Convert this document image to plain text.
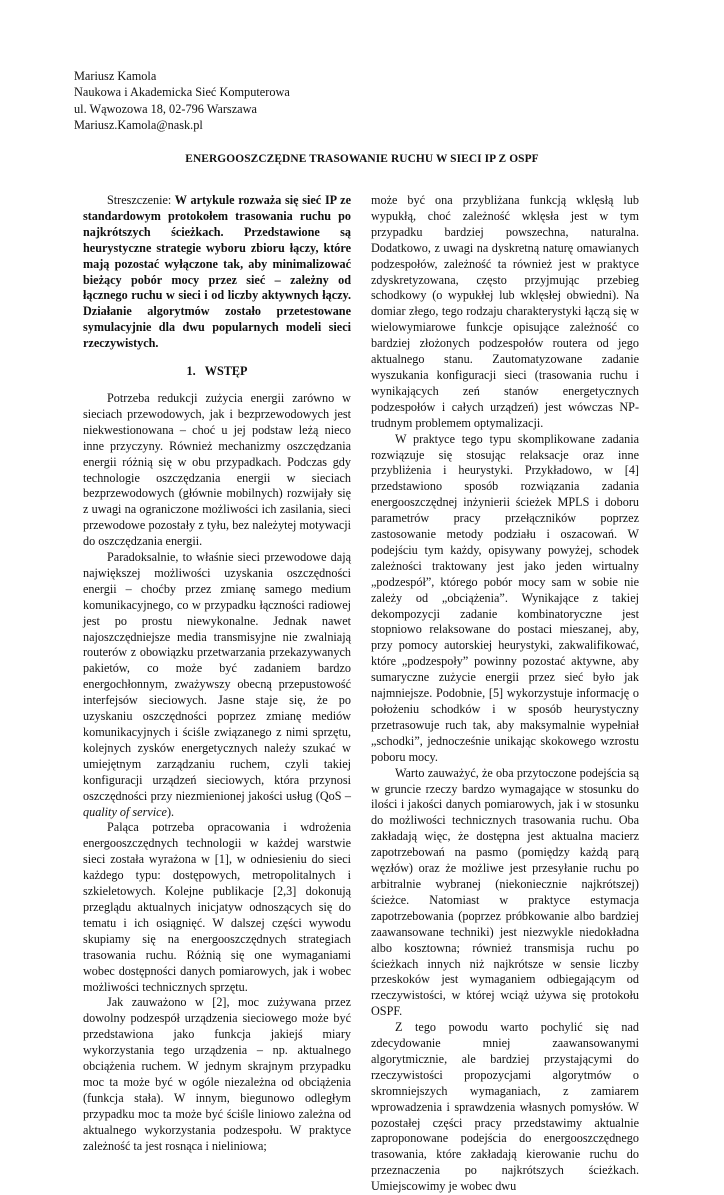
Mariusz Kamola
Naukowa i Akademicka Sieć Komputerowa
ul. Wąwozowa 18, 02-796 Warszawa
Mariusz.Kamola@nask.pl
ENERGOOSZCZĘDNE TRASOWANIE RUCHU W SIECI IP Z OSPF

Streszczenie: W artykule rozważa się sieć IP ze standardowym protokołem trasowania ruchu po najkrótszych ścieżkach. Przedstawione są heurystyczne strategie wyboru zbioru łączy, które mają pozostać wyłączone tak, aby minimalizować bieżący pobór mocy przez sieć – zależny od łącznego ruchu w sieci i od liczby aktywnych łączy. Działanie algorytmów zostało przetestowane symulacyjnie dla dwu popularnych modeli sieci rzeczywistych.

1. WSTĘP

Potrzeba redukcji zużycia energii zarówno w sieciach przewodowych, jak i bezprzewodowych jest niekwestionowana – choć u jej podstaw leżą nieco inne przyczyny. Również mechanizmy oszczędzania energii różnią się w obu przypadkach. Podczas gdy technologie oszczędzania energii w sieciach bezprzewodowych (głównie mobilnych) rozwijały się z uwagi na ograniczone możliwości ich zasilania, sieci przewodowe pozostały z tyłu, bez należytej motywacji do oszczędzania energii.

Paradoksalnie, to właśnie sieci przewodowe dają największej możliwości uzyskania oszczędności energii – choćby przez zmianę samego medium komunikacyjnego, co w przypadku łączności radiowej jest po prostu niewykonalne. Jednak nawet najoszczędniejsze media transmisyjne nie zwalniają routerów z obowiązku przetwarzania przekazywanych pakietów, co może być zadaniem bardzo energochłonnym, zważywszy obecną przepustowość interfejsów sieciowych. Jasne staje się, że po uzyskaniu oszczędności poprzez zmianę mediów komunikacyjnych i ściśle związanego z nimi sprzętu, kolejnych zysków energetycznych należy szukać w umiejętnym zarządzaniu ruchem, czyli takiej konfiguracji urządzeń sieciowych, która przynosi oszczędności przy niezmienionej jakości usług (QoS – quality of service).

Paląca potrzeba opracowania i wdrożenia energooszczędnych technologii w każdej warstwie sieci została wyrażona w [1], w odniesieniu do sieci każdego typu: dostępowych, metropolitalnych i szkieletowych. Kolejne publikacje [2,3] dokonują przeglądu aktualnych inicjatyw odnoszących się do tematu i ich osiągnięć. W dalszej części wywodu skupiamy się na energooszczędnych strategiach trasowania ruchu. Różnią się one wymaganiami wobec dostępności danych pomiarowych, jak i wobec możliwości technicznych sprzętu.

Jak zauważono w [2], moc zużywana przez dowolny podzespół urządzenia sieciowego może być przedstawiona jako funkcja jakiejś miary wykorzystania tego urządzenia – np. aktualnego obciążenia ruchem. W jednym skrajnym przypadku moc ta może być w ogóle niezależna od obciążenia (funkcja stała). W innym, biegunowo odległym przypadku moc ta może być ściśle liniowo zależna od aktualnego wykorzystania podzespołu. W praktyce zależność ta jest rosnąca i nieliniowa;

może być ona przybliżana funkcją wklęsłą lub wypukłą, choć zależność wklęsła jest w tym przypadku bardziej powszechna, naturalna. Dodatkowo, z uwagi na dyskretną naturę omawianych podzespołów, zależność ta również jest w praktyce zdyskretyzowana, często przyjmując przebieg schodkowy (o wypukłej lub wklęsłej obwiedni). Na domiar złego, tego rodzaju charakterystyki łączą się w wielowymiarowe funkcje opisujące zależność co bardziej złożonych podzespołów routera od jego aktualnego stanu. Zautomatyzowane zadanie wyszukania konfiguracji sieci (trasowania ruchu i wynikających zeń stanów energetycznych podzespołów i całych urządzeń) jest wówczas NP-trudnym problemem optymalizacji.

W praktyce tego typu skomplikowane zadania rozwiązuje się stosując relaksacje oraz inne przybliżenia i heurystyki. Przykładowo, w [4] przedstawiono sposób rozwiązania zadania energooszczędnej inżynierii ścieżek MPLS i doboru parametrów pracy przełączników poprzez zastosowanie metody podziału i oszacowań. W podejściu tym każdy, opisywany powyżej, schodek zależności traktowany jest jako jeden wirtualny „podzespół”, którego pobór mocy sam w sobie nie zależy od „obciążenia”. Wynikające z takiej dekompozycji zadanie kombinatoryczne jest stopniowo relaksowane do postaci mieszanej, aby, przy pomocy autorskiej heurystyki, zakwalifikować, które „podzespoły” powinny pozostać aktywne, aby sumaryczne zużycie energii przez sieć było jak najmniejsze. Podobnie, [5] wykorzystuje informację o położeniu schodków i w sposób heurystyczny przetrasowuje ruch tak, aby maksymalnie wypełniał „schodki”, jednocześnie unikając skokowego wzrostu poboru mocy.

Warto zauważyć, że oba przytoczone podejścia są w gruncie rzeczy bardzo wymagające w stosunku do ilości i jakości danych pomiarowych, jak i w stosunku do możliwości technicznych trasowania ruchu. Oba zakładają więc, że dostępna jest aktualna macierz zapotrzebowań na pasmo (pomiędzy każdą parą węzłów) oraz że możliwe jest przesyłanie ruchu po arbitralnie wybranej (niekoniecznie najkrótszej) ścieżce. Natomiast w praktyce estymacja zapotrzebowania (poprzez próbkowanie albo bardziej zaawansowane techniki) jest niezwykle niedokładna albo kosztowna; również transmisja ruchu po ścieżkach innych niż najkrótsze w sensie liczby przeskoków jest wymaganiem odbiegającym od rzeczywistości, w której wciąż używa się protokołu OSPF.

Z tego powodu warto pochylić się nad zdecydowanie mniej zaawansowanymi algorytmicznie, ale bardziej przystającymi do rzeczywistości propozycjami algorytmów o skromniejszych wymaganiach, z zamiarem wprowadzenia i sprawdzenia własnych pomysłów. W pozostałej części pracy przedstawimy aktualnie zaproponowane podejścia do energooszczędnego trasowania, które zakładają kierowanie ruchu do przeznaczenia po najkrótszych ścieżkach. Umiejscowimy je wobec dwu
